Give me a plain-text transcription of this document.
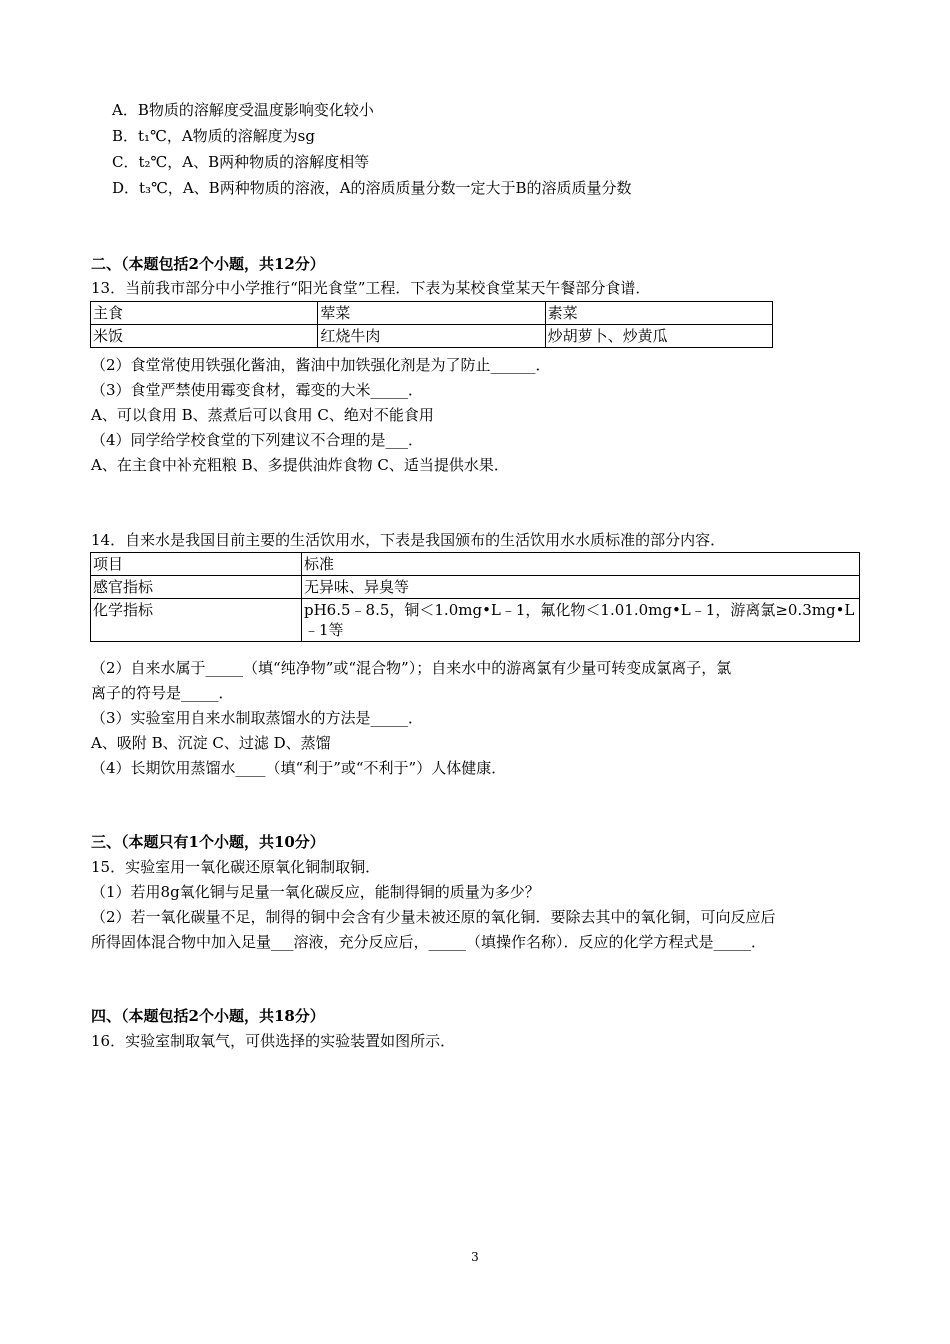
A．B物质的溶解度受温度影响变化较小
B．t₁℃，A物质的溶解度为sg
C．t₂℃，A、B两种物质的溶解度相等
D．t₃℃，A、B两种物质的溶液，A的溶质质量分数一定大于B的溶质质量分数
二、（本题包括2个小题，共12分）
13．当前我市部分中小学推行“阳光食堂”工程．下表为某校食堂某天午餐部分食谱．
主食	荤菜	素菜
米饭	红烧牛肉	炒胡萝卜、炒黄瓜
（2）食堂常使用铁强化酱油，酱油中加铁强化剂是为了防止______．
（3）食堂严禁使用霉变食材，霉变的大米_____．
A、可以食用 B、蒸煮后可以食用 C、绝对不能食用
（4）同学给学校食堂的下列建议不合理的是___．
A、在主食中补充粗粮 B、多提供油炸食物 C、适当提供水果．
14．自来水是我国目前主要的生活饮用水，下表是我国颁布的生活饮用水水质标准的部分内容．
项目	标准
感官指标	无异味、异臭等
化学指标	pH6.5﹣8.5，铜＜1.0mg•L﹣1，氟化物＜1.01.0mg•L﹣1，游离氯≥0.3mg•L﹣1等
（2）自来水属于_____（填“纯净物”或“混合物”）；自来水中的游离氯有少量可转变成氯离子，氯
离子的符号是_____．
（3）实验室用自来水制取蒸馏水的方法是_____．
A、吸附 B、沉淀 C、过滤 D、蒸馏
（4）长期饮用蒸馏水____（填“利于”或“不利于”）人体健康．
三、（本题只有1个小题，共10分）
15．实验室用一氧化碳还原氧化铜制取铜．
（1）若用8g氧化铜与足量一氧化碳反应，能制得铜的质量为多少？
（2）若一氧化碳量不足，制得的铜中会含有少量未被还原的氧化铜．要除去其中的氧化铜，可向反应后
所得固体混合物中加入足量___溶液，充分反应后，_____（填操作名称）．反应的化学方程式是_____．
四、（本题包括2个小题，共18分）
16．实验室制取氧气，可供选择的实验装置如图所示．
3
